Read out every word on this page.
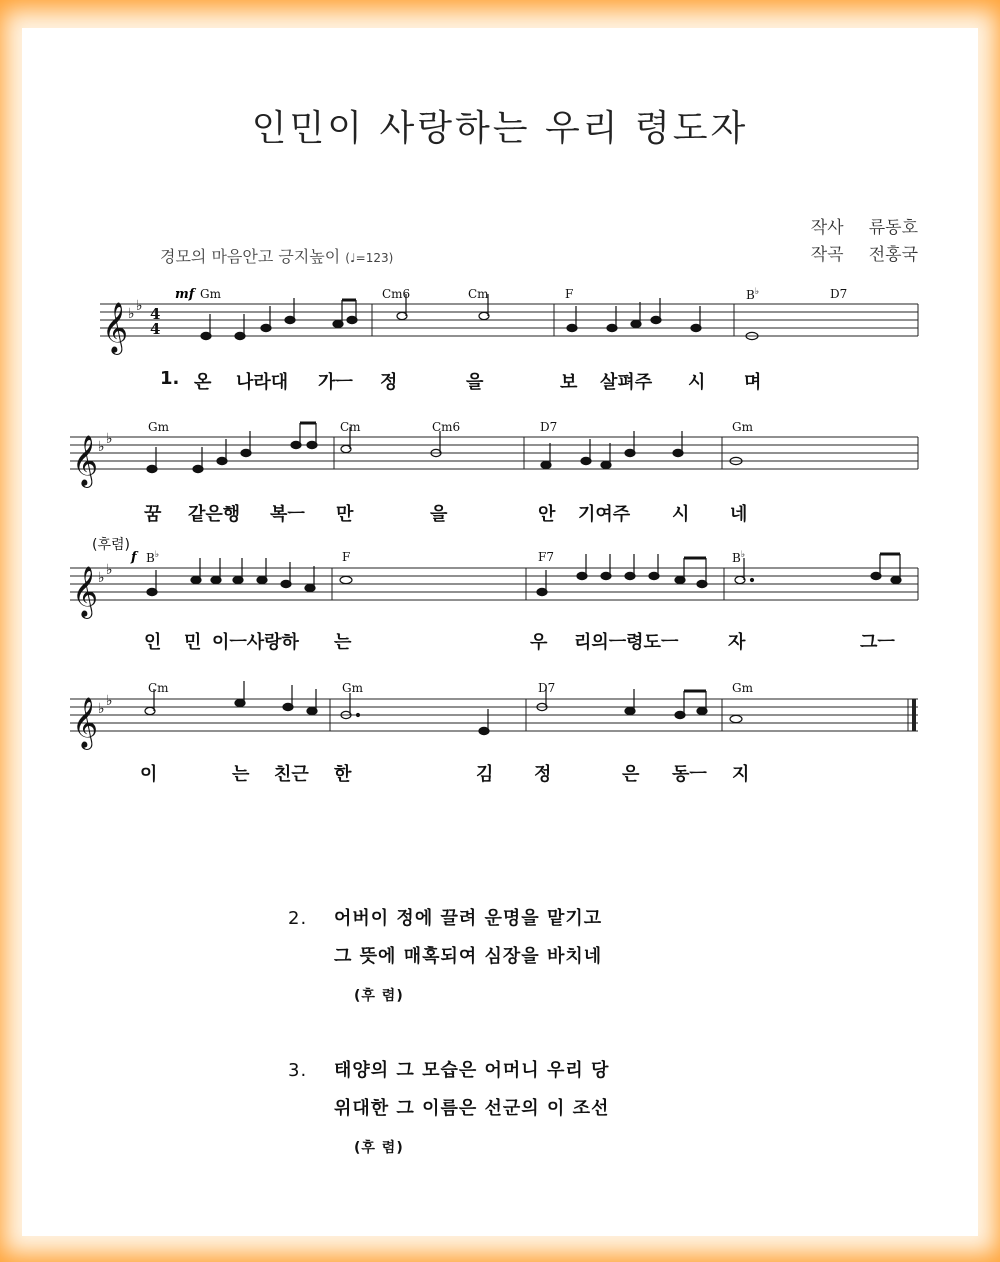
인민이 사랑하는 우리 령도자
작사 류동호
작곡 전홍국
경모의 마음안고 긍지높이 (♩=123)
𝄞 ♭ ♭ 4
4
𝄞 ♭ ♭
𝄞 ♭ ♭
𝄞 ♭ ♭
mf
f
(후렴)
Gm	Cm6	Cm	F	B♭	D7
Gm	Cm	Cm6	D7	Gm
B♭	F	F7	B♭
Cm	Gm	D7	Gm
1. 온 나라대 가ㅡ 정	을	보 살펴주 시 며
꿈 같은행 복ㅡ 만	을	안 기여주 시 네
인 민 이ㅡ사랑하 는	우 리의ㅡ령도ㅡ	자	그ㅡ
이	는 친근 한	김 정	은 동ㅡ 지
2. 어버이 정에 끌려 운명을 맡기고
그 뜻에 매혹되여 심장을 바치네
(후 렴)
3. 태양의 그 모습은 어머니 우리 당
위대한 그 이름은 선군의 이 조선
(후 렴)
